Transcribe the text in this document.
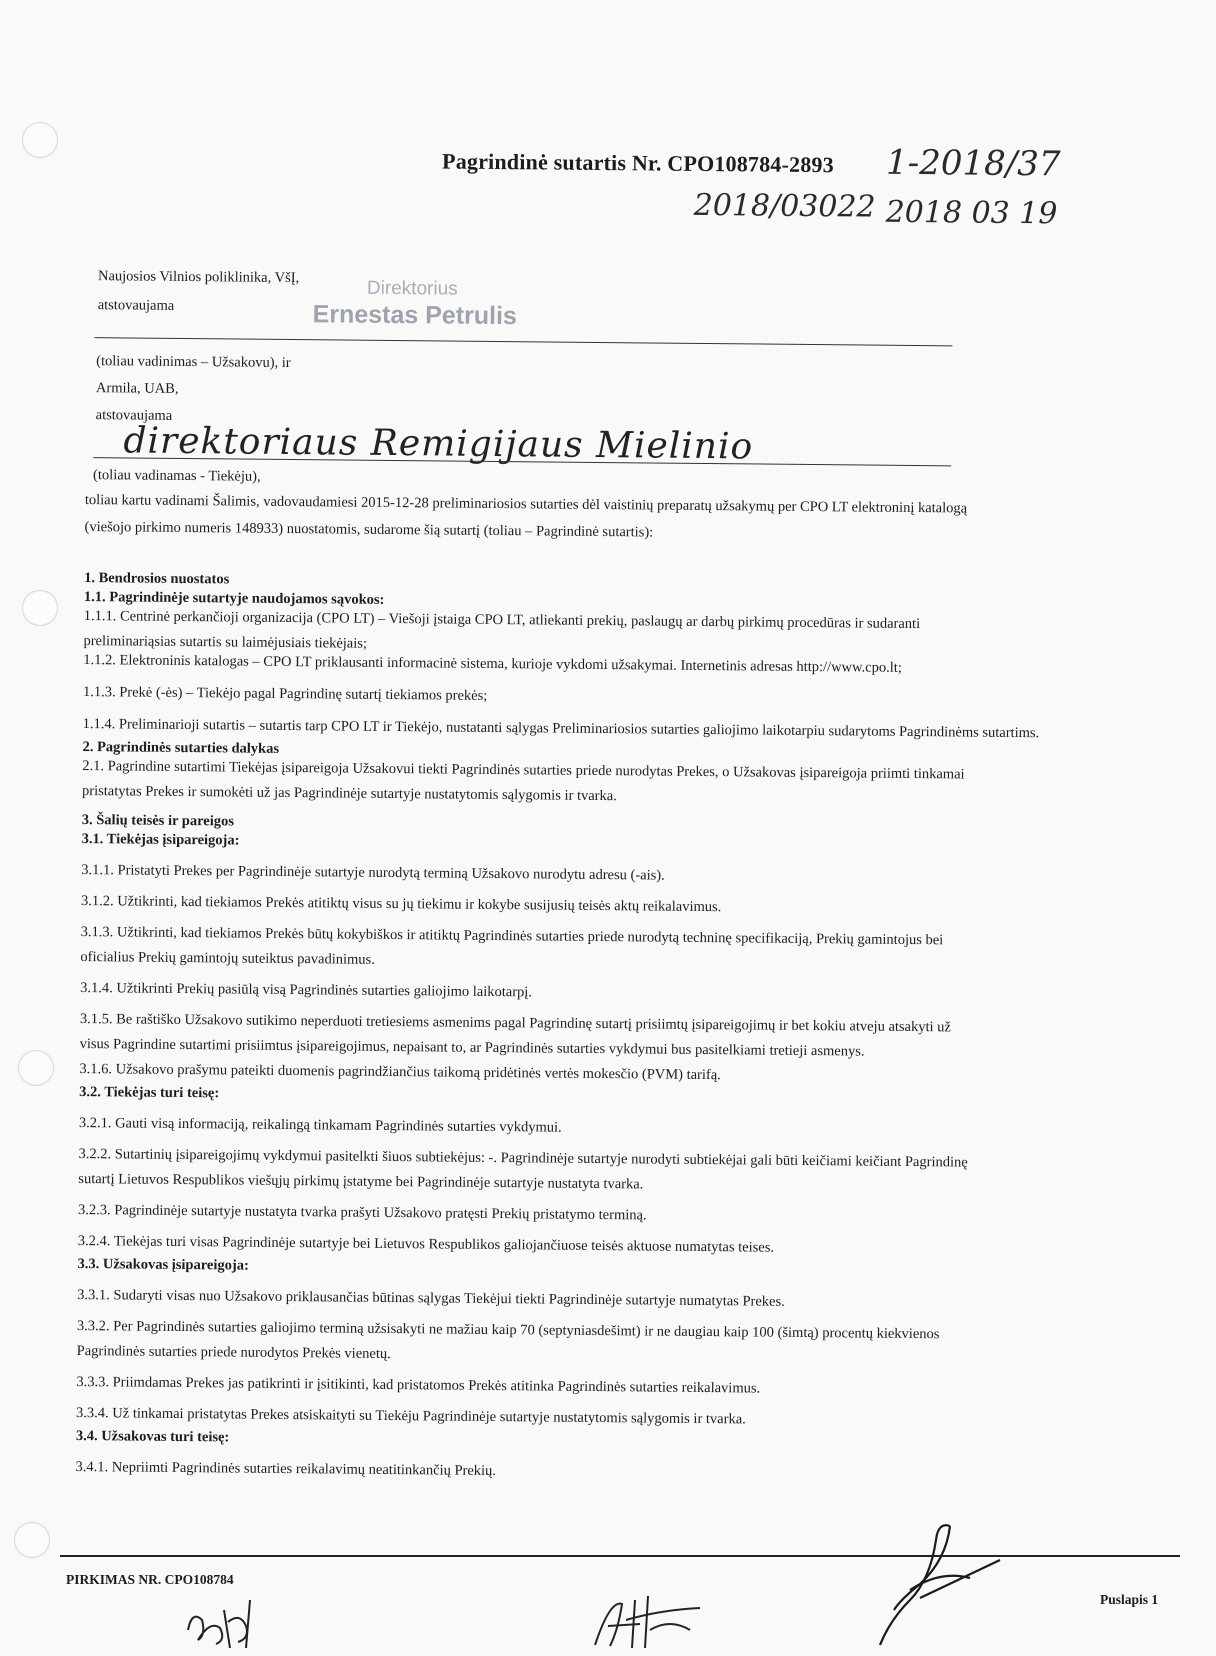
Pagrindinė sutartis Nr. CPO108784-2893 1-2018/37
2018/03022 2018 03 19
Naujosios Vilnios poliklinika, VšĮ,
atstovaujama
Direktorius
Ernestas Petrulis
(toliau vadinimas – Užsakovu), ir
Armila, UAB,
atstovaujama
direktoriaus Remigijaus Mielinio
(toliau vadinamas - Tiekėju),

toliau kartu vadinami Šalimis, vadovaudamiesi 2015-12-28 preliminariosios sutarties dėl vaistinių preparatų užsakymų per CPO LT elektroninį katalogą

(viešojo pirkimo numeris 148933) nuostatomis, sudarome šią sutartį (toliau – Pagrindinė sutartis):

1. Bendrosios nuostatos

1.1. Pagrindinėje sutartyje naudojamos sąvokos:

1.1.1. Centrinė perkančioji organizacija (CPO LT) – Viešoji įstaiga CPO LT, atliekanti prekių, paslaugų ar darbų pirkimų procedūras ir sudaranti

preliminariąsias sutartis su laimėjusiais tiekėjais;

1.1.2. Elektroninis katalogas – CPO LT priklausanti informacinė sistema, kurioje vykdomi užsakymai. Internetinis adresas http://www.cpo.lt;

1.1.3. Prekė (-ės) – Tiekėjo pagal Pagrindinę sutartį tiekiamos prekės;

1.1.4. Preliminarioji sutartis – sutartis tarp CPO LT ir Tiekėjo, nustatanti sąlygas Preliminariosios sutarties galiojimo laikotarpiu sudarytoms Pagrindinėms sutartims.

2. Pagrindinės sutarties dalykas

2.1. Pagrindine sutartimi Tiekėjas įsipareigoja Užsakovui tiekti Pagrindinės sutarties priede nurodytas Prekes, o Užsakovas įsipareigoja priimti tinkamai

pristatytas Prekes ir sumokėti už jas Pagrindinėje sutartyje nustatytomis sąlygomis ir tvarka.

3. Šalių teisės ir pareigos

3.1. Tiekėjas įsipareigoja:

3.1.1. Pristatyti Prekes per Pagrindinėje sutartyje nurodytą terminą Užsakovo nurodytu adresu (-ais).

3.1.2. Užtikrinti, kad tiekiamos Prekės atitiktų visus su jų tiekimu ir kokybe susijusių teisės aktų reikalavimus.

3.1.3. Užtikrinti, kad tiekiamos Prekės būtų kokybiškos ir atitiktų Pagrindinės sutarties priede nurodytą techninę specifikaciją, Prekių gamintojus bei

oficialius Prekių gamintojų suteiktus pavadinimus.

3.1.4. Užtikrinti Prekių pasiūlą visą Pagrindinės sutarties galiojimo laikotarpį.

3.1.5. Be raštiško Užsakovo sutikimo neperduoti tretiesiems asmenims pagal Pagrindinę sutartį prisiimtų įsipareigojimų ir bet kokiu atveju atsakyti už

visus Pagrindine sutartimi prisiimtus įsipareigojimus, nepaisant to, ar Pagrindinės sutarties vykdymui bus pasitelkiami tretieji asmenys.

3.1.6. Užsakovo prašymu pateikti duomenis pagrindžiančius taikomą pridėtinės vertės mokesčio (PVM) tarifą.

3.2. Tiekėjas turi teisę:

3.2.1. Gauti visą informaciją, reikalingą tinkamam Pagrindinės sutarties vykdymui.

3.2.2. Sutartinių įsipareigojimų vykdymui pasitelkti šiuos subtiekėjus: -. Pagrindinėje sutartyje nurodyti subtiekėjai gali būti keičiami keičiant Pagrindinę

sutartį Lietuvos Respublikos viešųjų pirkimų įstatyme bei Pagrindinėje sutartyje nustatyta tvarka.

3.2.3. Pagrindinėje sutartyje nustatyta tvarka prašyti Užsakovo pratęsti Prekių pristatymo terminą.

3.2.4. Tiekėjas turi visas Pagrindinėje sutartyje bei Lietuvos Respublikos galiojančiuose teisės aktuose numatytas teises.

3.3. Užsakovas įsipareigoja:

3.3.1. Sudaryti visas nuo Užsakovo priklausančias būtinas sąlygas Tiekėjui tiekti Pagrindinėje sutartyje numatytas Prekes.

3.3.2. Per Pagrindinės sutarties galiojimo terminą užsisakyti ne mažiau kaip 70 (septyniasdešimt) ir ne daugiau kaip 100 (šimtą) procentų kiekvienos

Pagrindinės sutarties priede nurodytos Prekės vienetų.

3.3.3. Priimdamas Prekes jas patikrinti ir įsitikinti, kad pristatomos Prekės atitinka Pagrindinės sutarties reikalavimus.

3.3.4. Už tinkamai pristatytas Prekes atsiskaityti su Tiekėju Pagrindinėje sutartyje nustatytomis sąlygomis ir tvarka.

3.4. Užsakovas turi teisę:

3.4.1. Nepriimti Pagrindinės sutarties reikalavimų neatitinkančių Prekių.

PIRKIMAS NR. CPO108784
Puslapis 1
